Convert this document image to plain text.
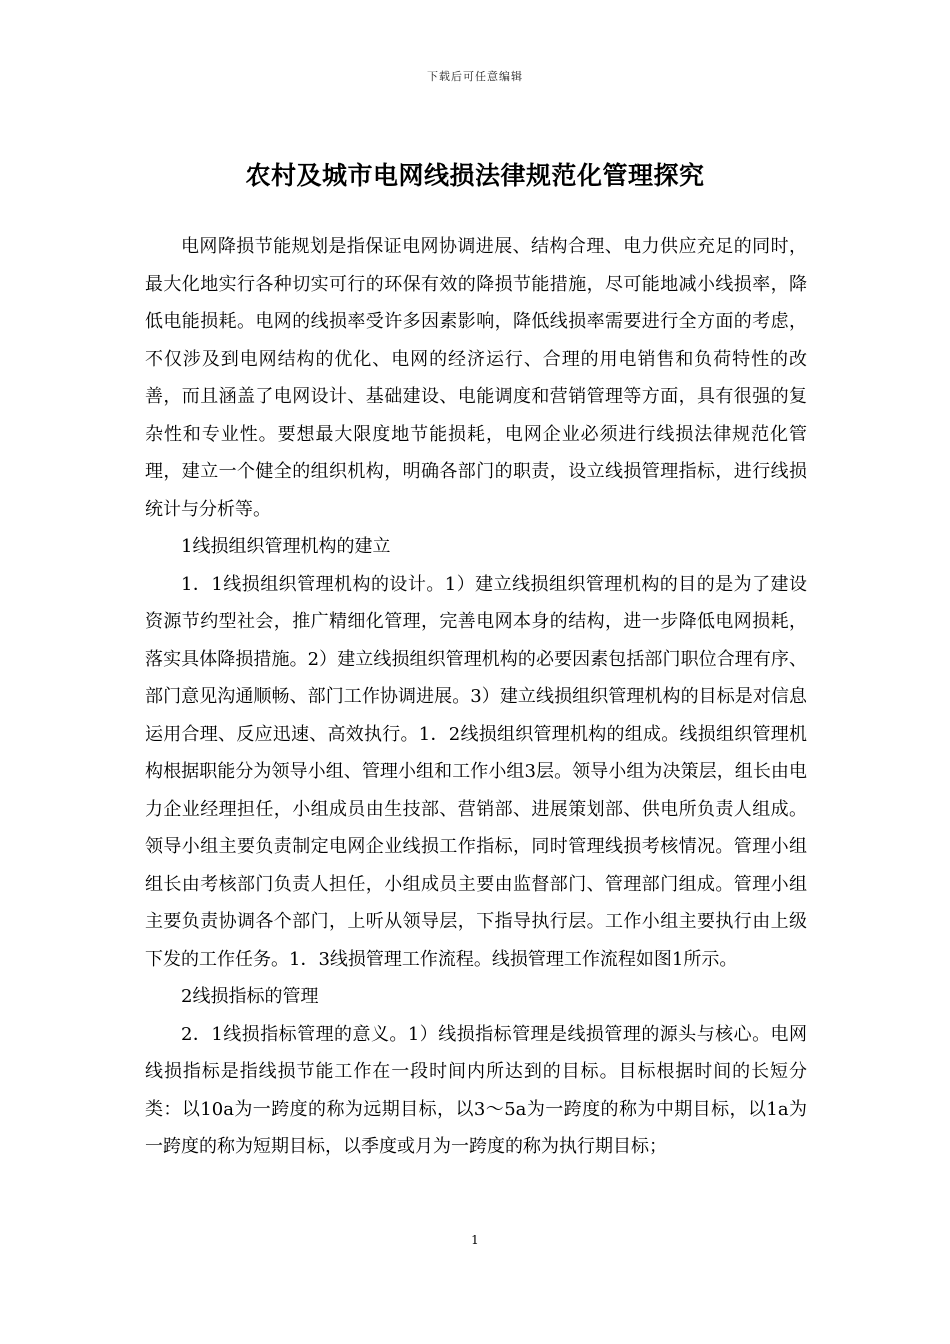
下载后可任意编辑
农村及城市电网线损法律规范化管理探究

电网降损节能规划是指保证电网协调进展、结构合理、电力供应充足的同时，最大化地实行各种切实可行的环保有效的降损节能措施，尽可能地减小线损率，降低电能损耗。电网的线损率受许多因素影响，降低线损率需要进行全方面的考虑，不仅涉及到电网结构的优化、电网的经济运行、合理的用电销售和负荷特性的改善，而且涵盖了电网设计、基础建设、电能调度和营销管理等方面，具有很强的复杂性和专业性。要想最大限度地节能损耗，电网企业必须进行线损法律规范化管理，建立一个健全的组织机构，明确各部门的职责，设立线损管理指标，进行线损统计与分析等。

1线损组织管理机构的建立

1．1线损组织管理机构的设计。1）建立线损组织管理机构的目的是为了建设资源节约型社会，推广精细化管理，完善电网本身的结构，进一步降低电网损耗，落实具体降损措施。2）建立线损组织管理机构的必要因素包括部门职位合理有序、部门意见沟通顺畅、部门工作协调进展。3）建立线损组织管理机构的目标是对信息运用合理、反应迅速、高效执行。1．2线损组织管理机构的组成。线损组织管理机构根据职能分为领导小组、管理小组和工作小组3层。领导小组为决策层，组长由电力企业经理担任，小组成员由生技部、营销部、进展策划部、供电所负责人组成。领导小组主要负责制定电网企业线损工作指标，同时管理线损考核情况。管理小组组长由考核部门负责人担任，小组成员主要由监督部门、管理部门组成。管理小组主要负责协调各个部门，上听从领导层，下指导执行层。工作小组主要执行由上级下发的工作任务。1．3线损管理工作流程。线损管理工作流程如图1所示。

2线损指标的管理

2．1线损指标管理的意义。1）线损指标管理是线损管理的源头与核心。电网线损指标是指线损节能工作在一段时间内所达到的目标。目标根据时间的长短分类：以10a为一跨度的称为远期目标，以3～5a为一跨度的称为中期目标，以1a为一跨度的称为短期目标，以季度或月为一跨度的称为执行期目标；

1
